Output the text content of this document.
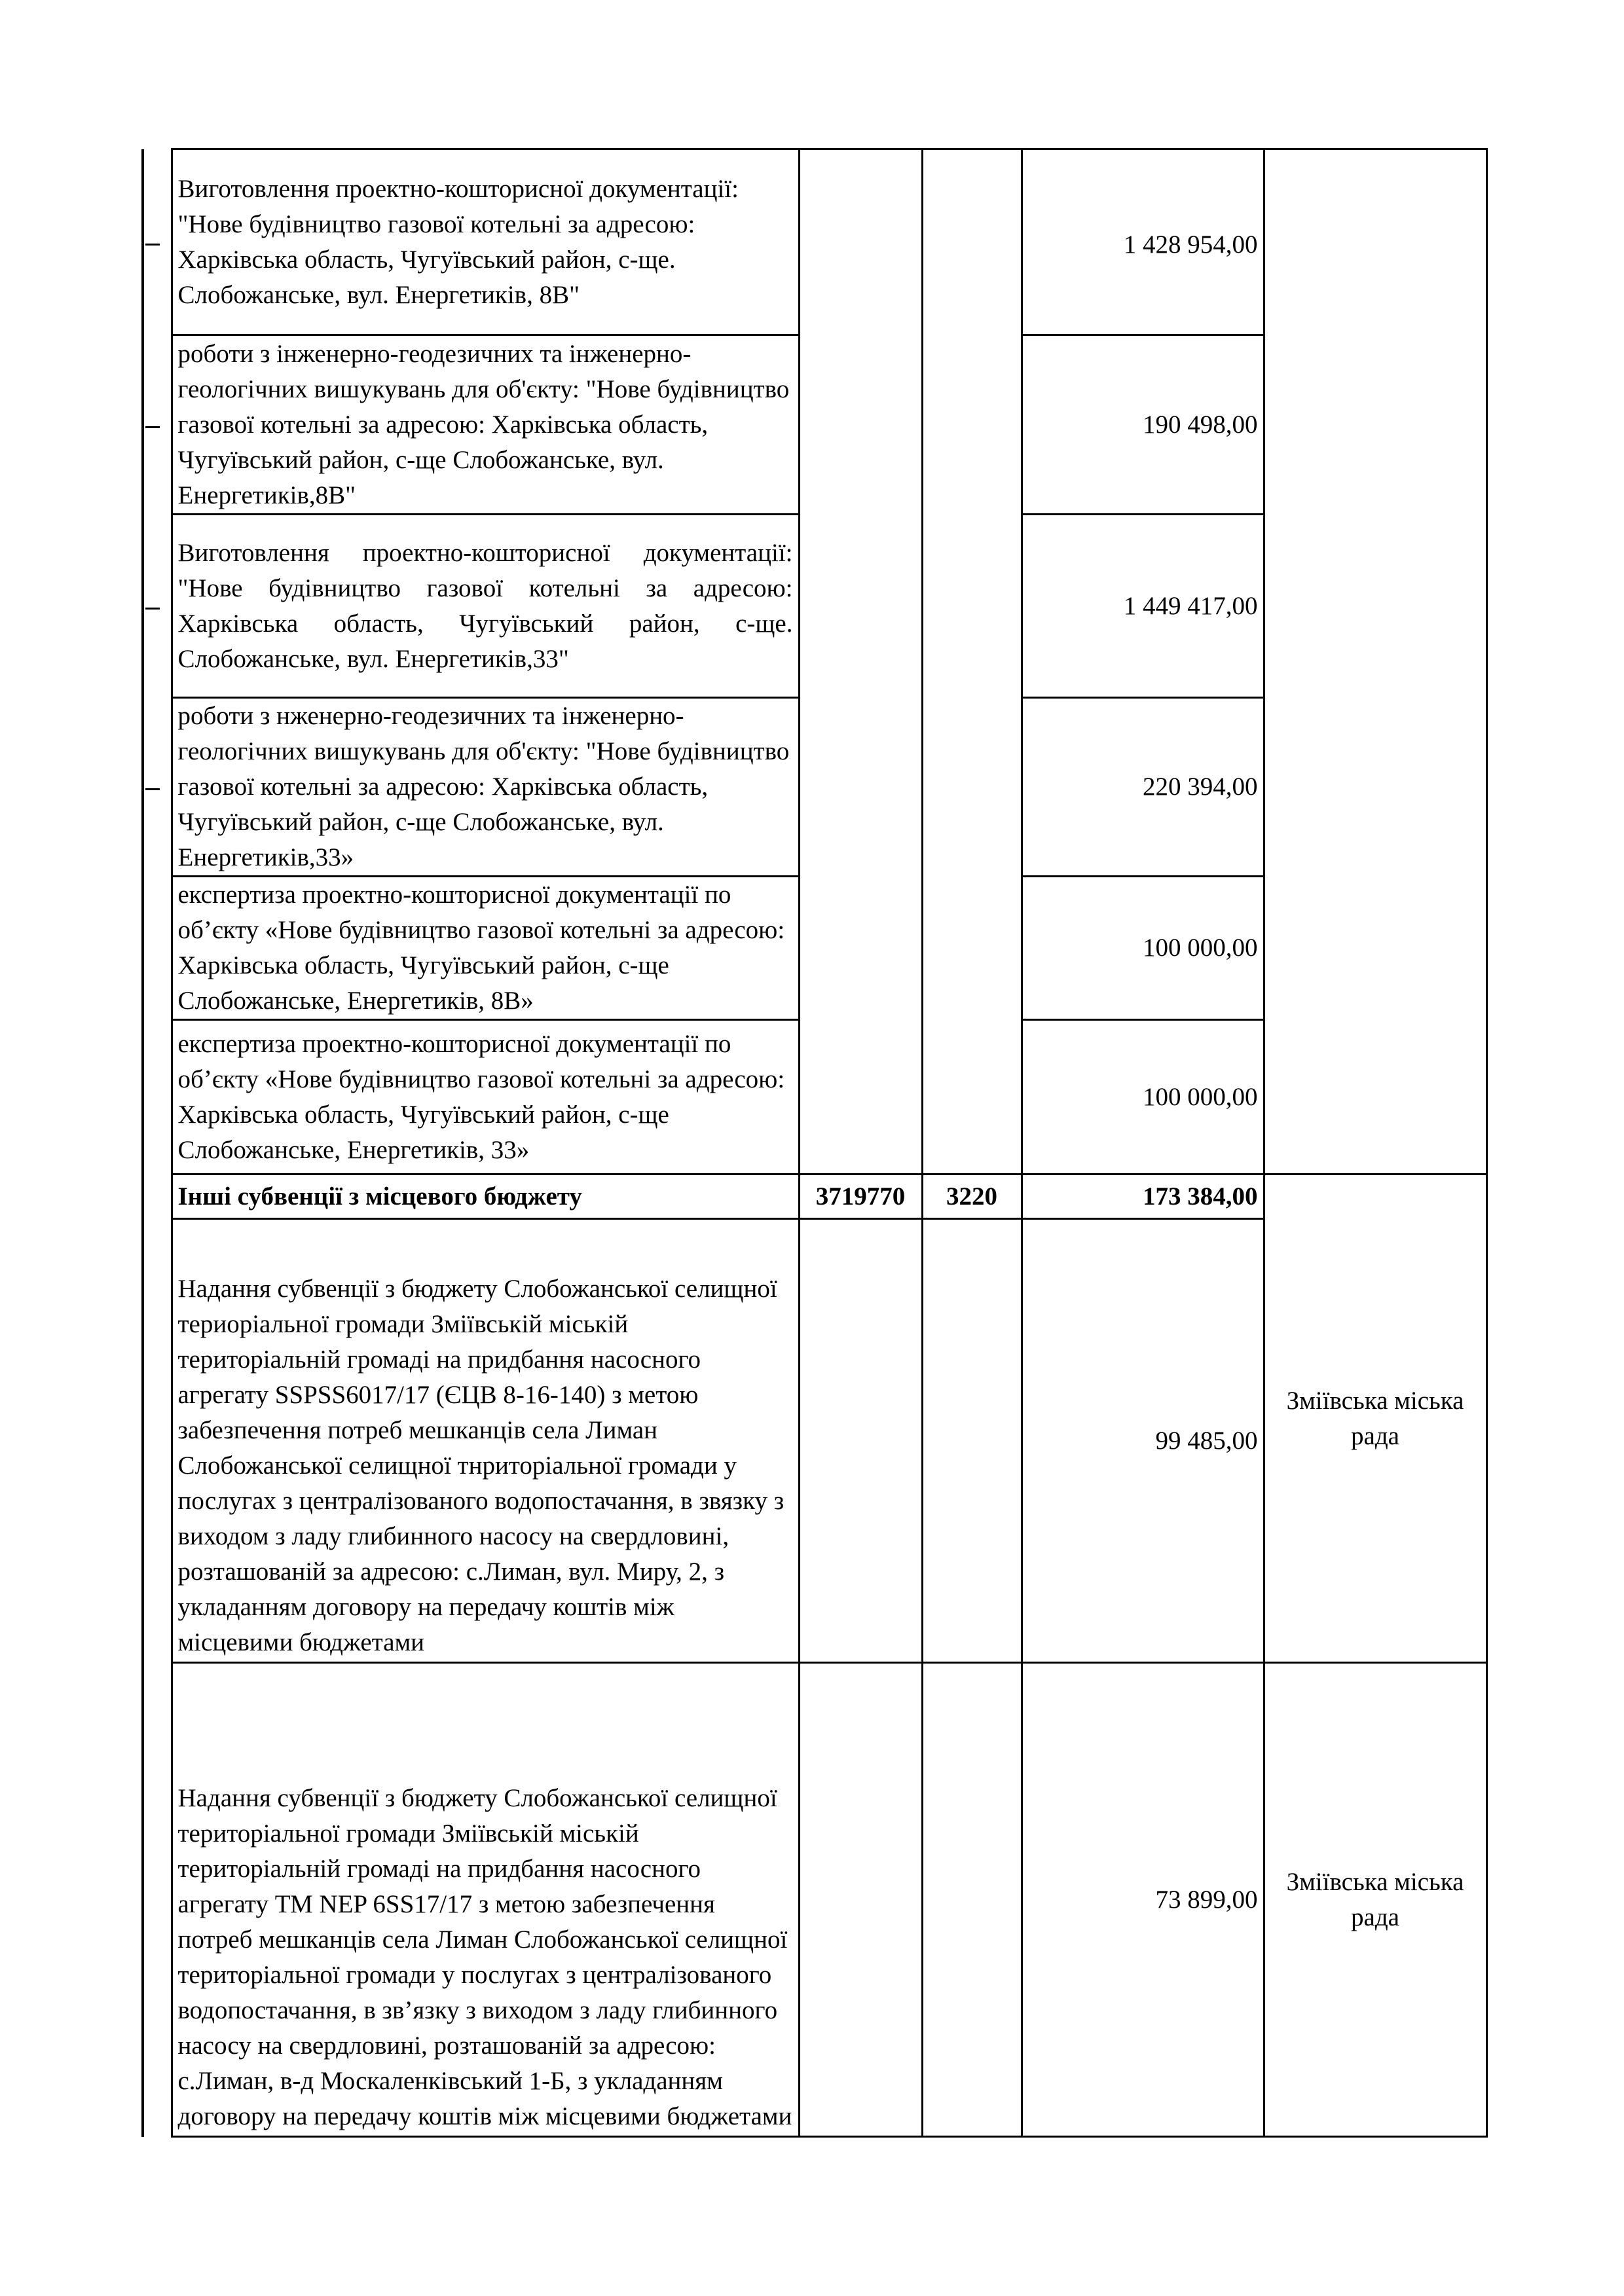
	Виготовлення проектно-кошторисної документації: "Нове будівництво газової котельні за адресою: Харківська область, Чугуївський район, с-ще. Слобожанське, вул. Енергетиків, 8В"			1 428 954,00	
	роботи з інженерно-геодезичних та інженерно-геологічних вишукувань для об'єкту: "Нове будівництво газової котельні за адресою: Харківська область, Чугуївський район, с-ще Слобожанське, вул. Енергетиків,8В"			190 498,00	
	Виготовлення проектно-кошторисної документації: "Нове будівництво газової котельні за адресою: Харківська область, Чугуївський район, с-ще. Слобожанське, вул. Енергетиків,33"			1 449 417,00	
	роботи з нженерно-геодезичних та інженерно-геологічних вишукувань для об'єкту: "Нове будівництво газової котельні за адресою: Харківська область, Чугуївський район, с-ще Слобожанське, вул. Енергетиків,33»			220 394,00	
	експертиза проектно-кошторисної документації по об’єкту «Нове будівництво газової котельні за адресою: Харківська область, Чугуївський район, с-ще Слобожанське, Енергетиків, 8В»			100 000,00	
	експертиза проектно-кошторисної документації по об’єкту «Нове будівництво газової котельні за адресою: Харківська область, Чугуївський район, с-ще Слобожанське, Енергетиків, 33»			100 000,00	
	Інші субвенції з місцевого бюджету	3719770	3220	173 384,00	Зміївська міська рада
	Надання субвенції з бюджету Слобожанської селищної териоріальної громади Зміївській міській територіальній громаді на придбання насосного агрегату SSPSS6017/17 (ЄЦВ 8-16-140) з метою забезпечення потреб мешканців села Лиман Слобожанської селищної тнриторіальної громади у послугах з централізованого водопостачання, в звязку з виходом з ладу глибинного насосу на свердловині, розташованій за адресою: с.Лиман, вул. Миру, 2, з укладанням договору на передачу коштів між місцевими бюджетами			99 485,00	
	Надання субвенції з бюджету Слобожанської селищної територіальної громади Зміївській міській територіальній громаді на придбання насосного агрегату ТМ NEP 6SS17/17 з метою забезпечення потреб мешканців села Лиман Слобожанської селищної територіальної громади у послугах з централізованого водопостачання, в зв’язку з виходом з ладу глибинного насосу на свердловині, розташованій за адресою: с.Лиман, в-д Москаленківський 1-Б, з укладанням договору на передачу коштів між місцевими бюджетами			73 899,00	Зміївська міська рада
